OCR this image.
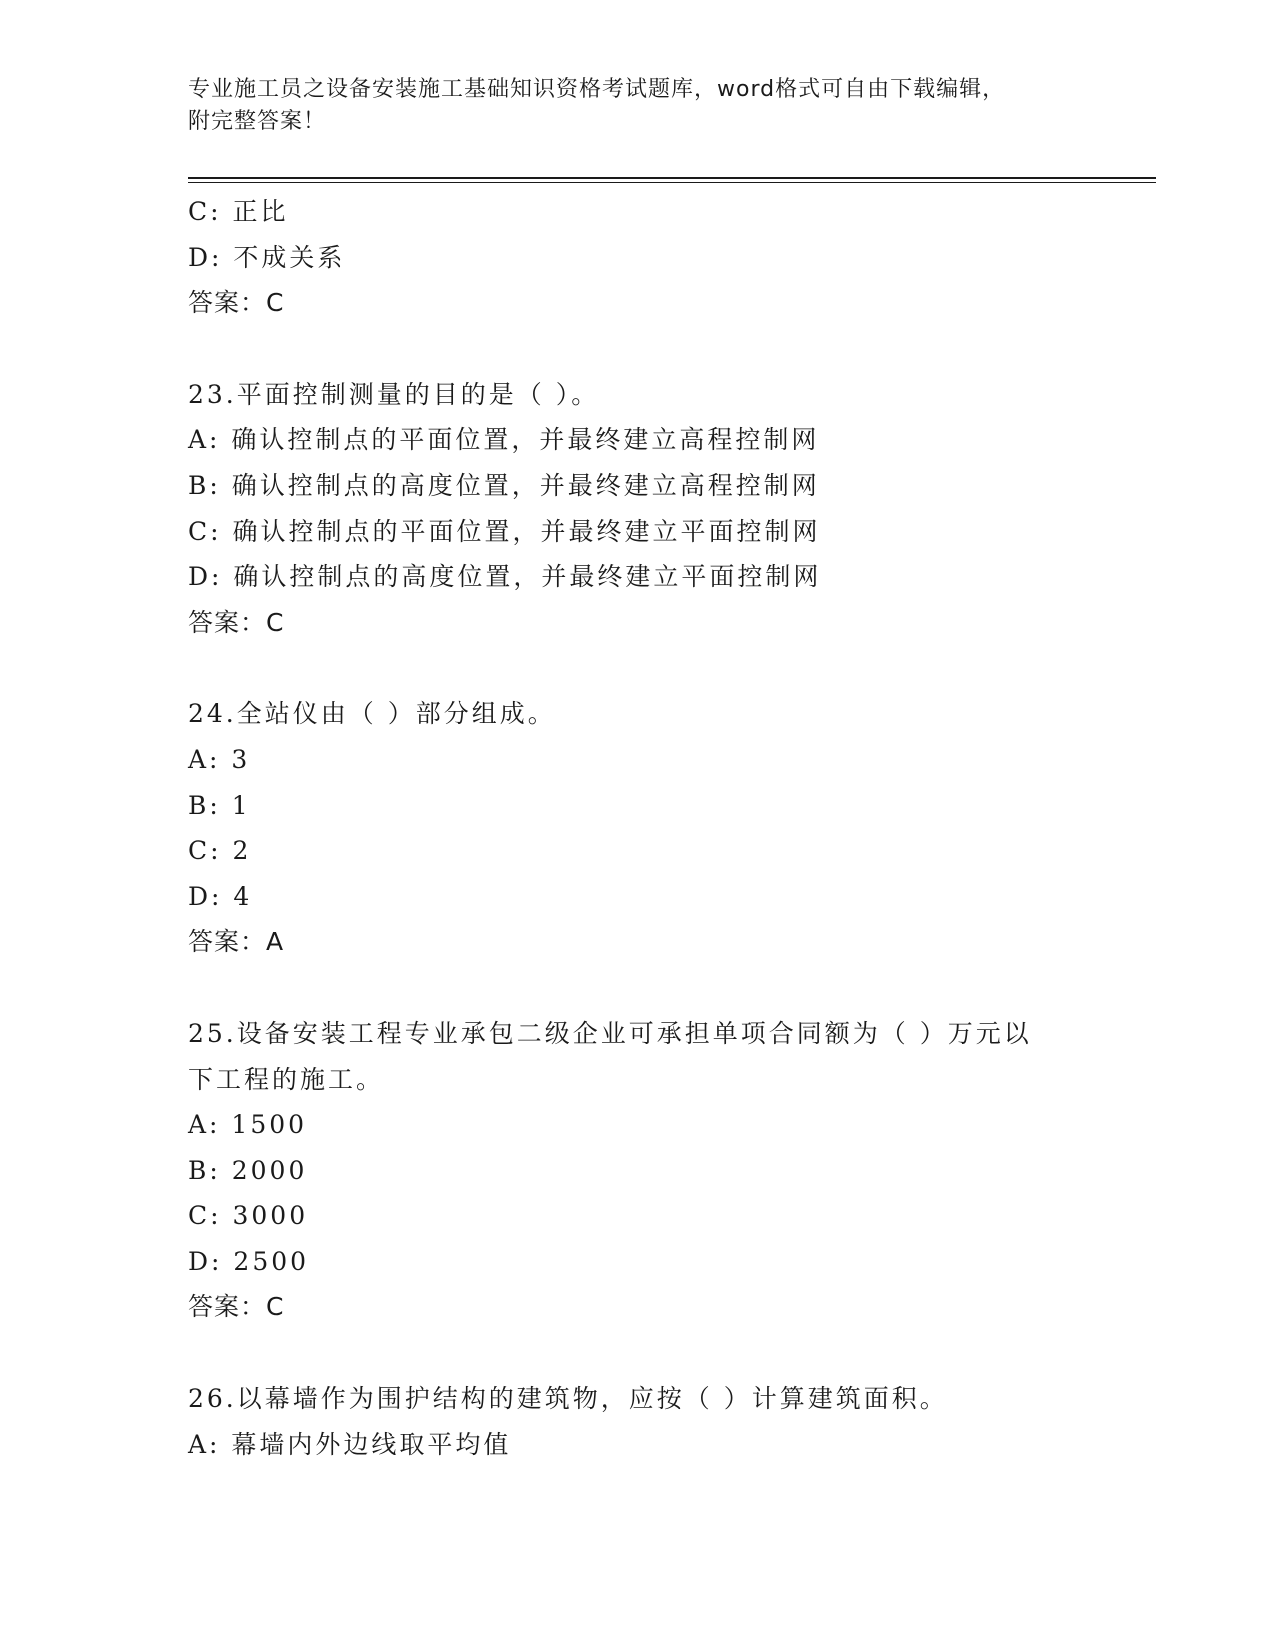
专业施工员之设备安装施工基础知识资格考试题库，word格式可自由下载编辑，
附完整答案！
C: 正比
D: 不成关系
答案：C
23.平面控制测量的目的是（ ）。
A: 确认控制点的平面位置，并最终建立高程控制网
B: 确认控制点的高度位置，并最终建立高程控制网
C: 确认控制点的平面位置，并最终建立平面控制网
D: 确认控制点的高度位置，并最终建立平面控制网
答案：C
24.全站仪由（ ）部分组成。
A: 3
B: 1
C: 2
D: 4
答案：A
25.设备安装工程专业承包二级企业可承担单项合同额为（ ）万元以
下工程的施工。
A: 1500
B: 2000
C: 3000
D: 2500
答案：C
26.以幕墙作为围护结构的建筑物，应按（ ）计算建筑面积。
A: 幕墙内外边线取平均值
